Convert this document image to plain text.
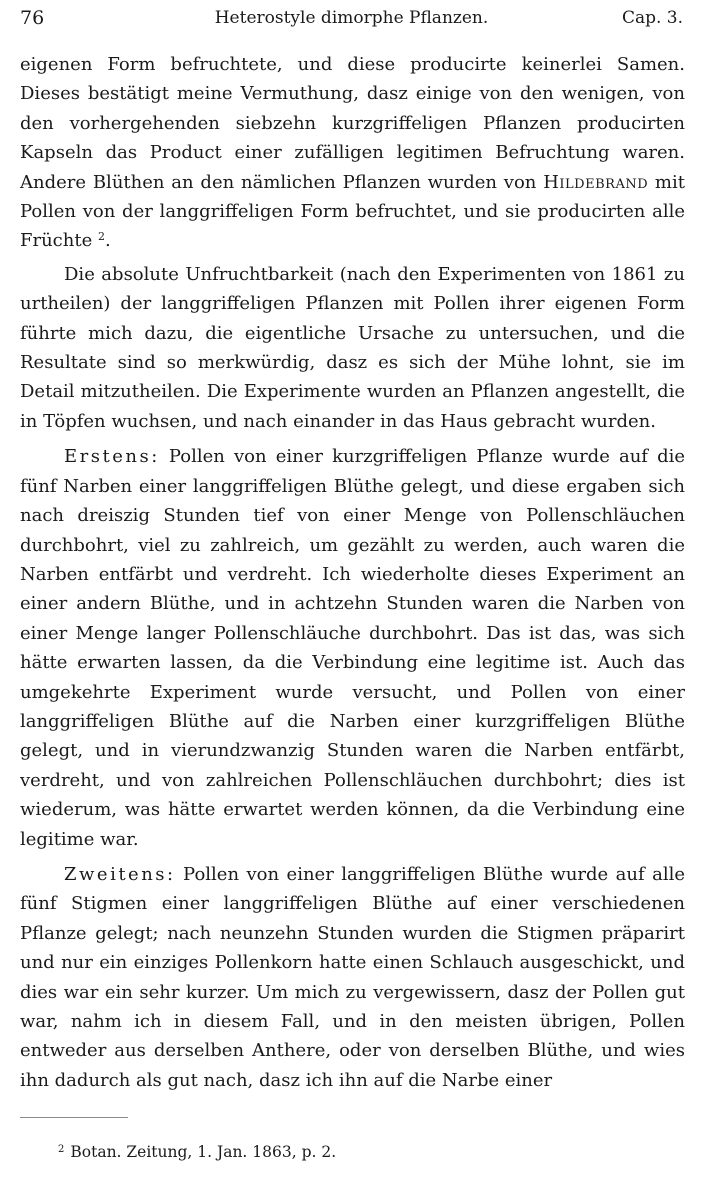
76	Heterostyle dimorphe Pflanzen.	Cap. 3.

eigenen Form befruchtete, und diese producirte keinerlei Samen. Dieses bestätigt meine Vermuthung, dasz einige von den wenigen, von den vorhergehenden siebzehn kurzgriffeligen Pflanzen producirten Kapseln das Product einer zufälligen legitimen Befruchtung waren. Andere Blüthen an den nämlichen Pflanzen wurden von Hildebrand mit Pollen von der langgriffeligen Form befruchtet, und sie producirten alle Früchte $^2$.

Die absolute Unfruchtbarkeit (nach den Experimenten von 1861 zu urtheilen) der langgriffeligen Pflanzen mit Pollen ihrer eigenen Form führte mich dazu, die eigentliche Ursache zu untersuchen, und die Resultate sind so merkwürdig, dasz es sich der Mühe lohnt, sie im Detail mitzutheilen. Die Experimente wurden an Pflanzen angestellt, die in Töpfen wuchsen, und nach einander in das Haus gebracht wurden.

Erstens: Pollen von einer kurzgriffeligen Pflanze wurde auf die fünf Narben einer langgriffeligen Blüthe gelegt, und diese ergaben sich nach dreiszig Stunden tief von einer Menge von Pollenschläuchen durchbohrt, viel zu zahlreich, um gezählt zu werden, auch waren die Narben entfärbt und verdreht. Ich wiederholte dieses Experiment an einer andern Blüthe, und in achtzehn Stunden waren die Narben von einer Menge langer Pollenschläuche durchbohrt. Das ist das, was sich hätte erwarten lassen, da die Verbindung eine legitime ist. Auch das umgekehrte Experiment wurde versucht, und Pollen von einer langgriffeligen Blüthe auf die Narben einer kurzgriffeligen Blüthe gelegt, und in vierundzwanzig Stunden waren die Narben entfärbt, verdreht, und von zahlreichen Pollenschläuchen durchbohrt; dies ist wiederum, was hätte erwartet werden können, da die Verbindung eine legitime war.

Zweitens: Pollen von einer langgriffeligen Blüthe wurde auf alle fünf Stigmen einer langgriffeligen Blüthe auf einer verschiedenen Pflanze gelegt; nach neunzehn Stunden wurden die Stigmen präparirt und nur ein einziges Pollenkorn hatte einen Schlauch ausgeschickt, und dies war ein sehr kurzer. Um mich zu vergewissern, dasz der Pollen gut war, nahm ich in diesem Fall, und in den meisten übrigen, Pollen entweder aus derselben Anthere, oder von derselben Blüthe, und wies ihn dadurch als gut nach, dasz ich ihn auf die Narbe einer

$^2$ Botan. Zeitung, 1. Jan. 1863, p. 2.
